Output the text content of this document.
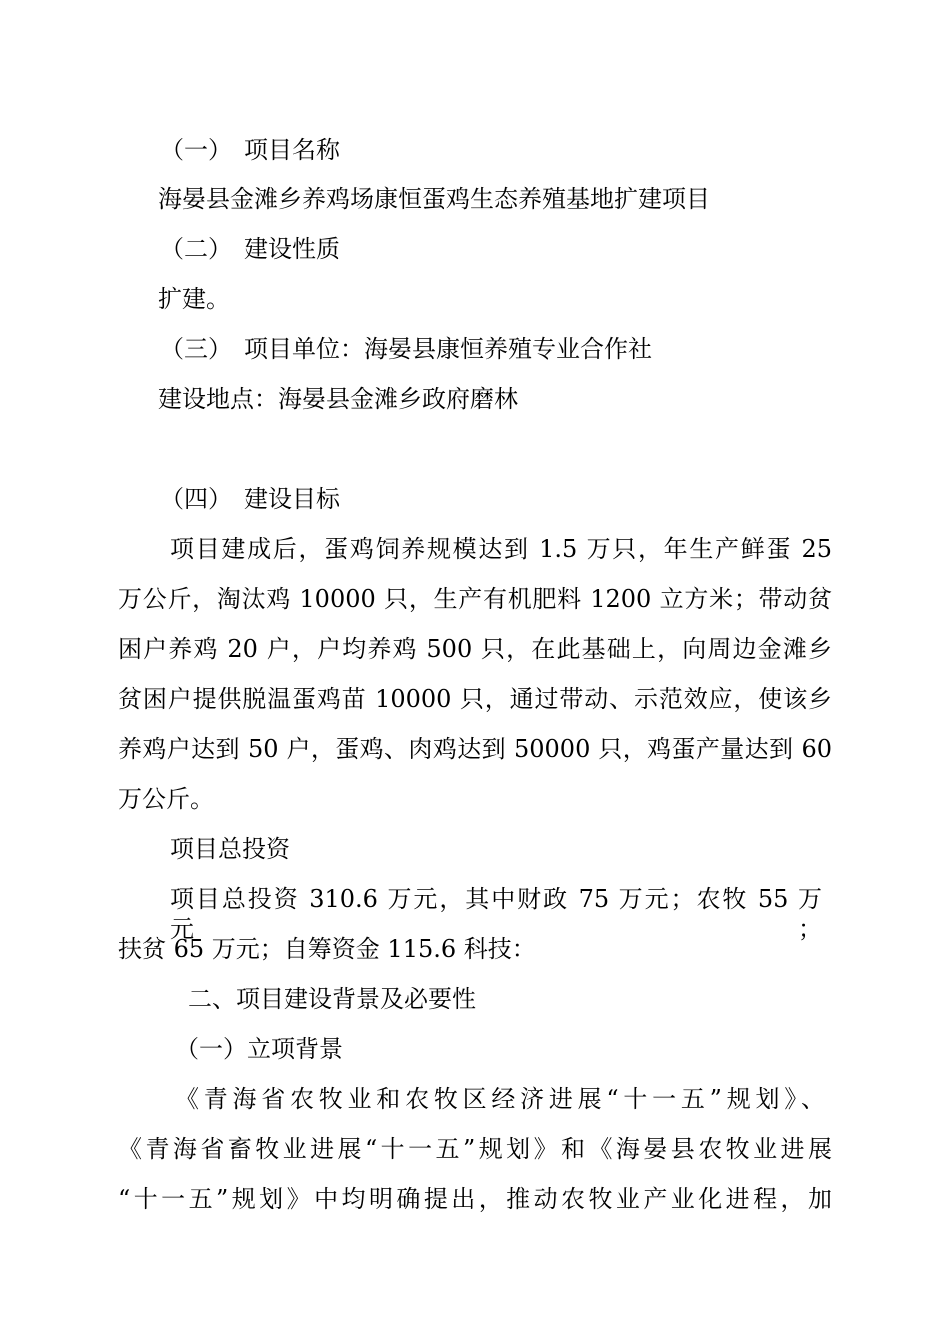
（一）　项目名称
海晏县金滩乡养鸡场康恒蛋鸡生态养殖基地扩建项目
（二）　建设性质
扩建。
（三）　项目单位：海晏县康恒养殖专业合作社
建设地点：海晏县金滩乡政府磨林
（四）　建设目标
项目建成后，蛋鸡饲养规模达到 1.5 万只，年生产鲜蛋 25
万公斤，淘汰鸡 10000 只，生产有机肥料 1200 立方米；带动贫
困户养鸡 20 户，户均养鸡 500 只，在此基础上，向周边金滩乡
贫困户提供脱温蛋鸡苗 10000 只，通过带动、示范效应，使该乡
养鸡户达到 50 户，蛋鸡、肉鸡达到 50000 只，鸡蛋产量达到 60
万公斤。
项目总投资
项目总投资 310.6 万元，其中财政 75 万元；农牧 55 万元；
扶贫 65 万元；自筹资金 115.6 科技：
二、项目建设背景及必要性
（一）立项背景
《青海省农牧业和农牧区经济进展“十一五”规划》、
《青海省畜牧业进展“十一五”规划》和《海晏县农牧业进展
“十一五”规划》中均明确提出，推动农牧业产业化进程，加
